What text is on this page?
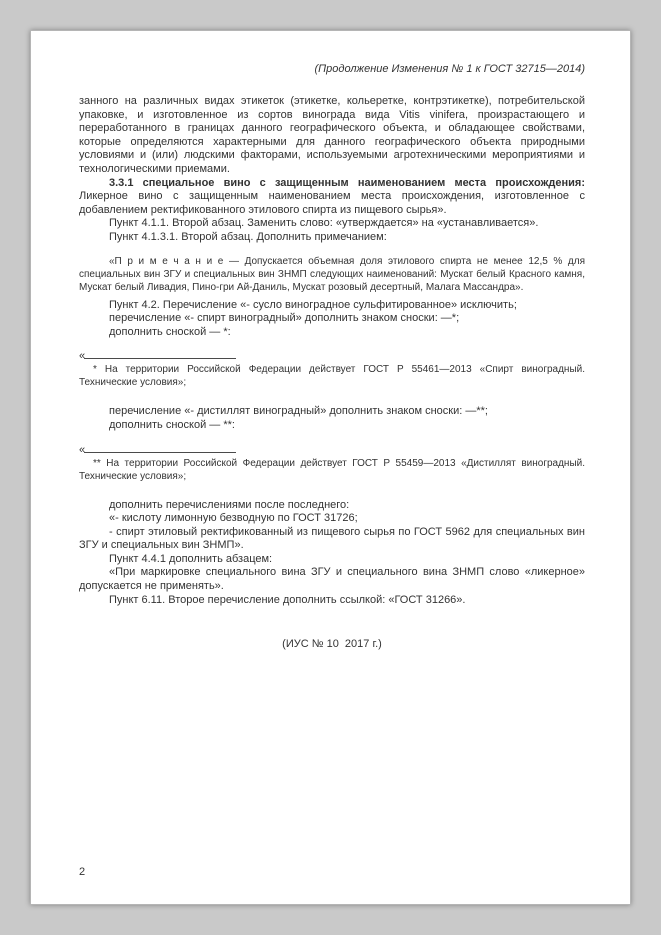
(Продолжение Изменения № 1 к ГОСТ 32715—2014)

занного на различных видах этикеток (этикетке, кольеретке, контрэтикетке), потребительской упаковке, и изготовленное из сортов винограда вида Vitis vinifera, произрастающего и переработанного в границах данного географического объекта, и обладающее свойствами, которые определяются характерными для данного географического объекта природными условиями и (или) людскими факторами, используемыми агротехническими мероприятиями и технологическими приемами.

3.3.1 специальное вино с защищенным наименованием места происхождения: Ликерное вино с защищенным наименованием места происхождения, изготовленное с добавлением ректификованного этилового спирта из пищевого сырья».

Пункт 4.1.1. Второй абзац. Заменить слово: «утверждается» на «устанавливается».

Пункт 4.1.3.1. Второй абзац. Дополнить примечанием:

«П р и м е ч а н и е — Допускается объемная доля этилового спирта не менее 12,5 % для специальных вин ЗГУ и специальных вин ЗНМП следующих наименований: Мускат белый Красного камня, Мускат белый Ливадия, Пино-гри Ай-Даниль, Мускат розовый десертный, Малага Массандра».

Пункт 4.2. Перечисление «- сусло виноградное сульфитированное» исключить;

перечисление «- спирт виноградный» дополнить знаком сноски: —*;

дополнить сноской — *:

«

* На территории Российской Федерации действует ГОСТ Р 55461—2013 «Спирт виноградный. Технические условия»;

перечисление «- дистиллят виноградный» дополнить знаком сноски: —**;

дополнить сноской — **:

«

** На территории Российской Федерации действует ГОСТ Р 55459—2013 «Дистиллят виноградный. Технические условия»;

дополнить перечислениями после последнего:

«- кислоту лимонную безводную по ГОСТ 31726;

- спирт этиловый ректификованный из пищевого сырья по ГОСТ 5962 для специальных вин ЗГУ и специальных вин ЗНМП».

Пункт 4.4.1 дополнить абзацем:

«При маркировке специального вина ЗГУ и специального вина ЗНМП слово «ликерное» допускается не применять».

Пункт 6.11. Второе перечисление дополнить ссылкой: «ГОСТ 31266».

(ИУС № 10  2017 г.)

2
